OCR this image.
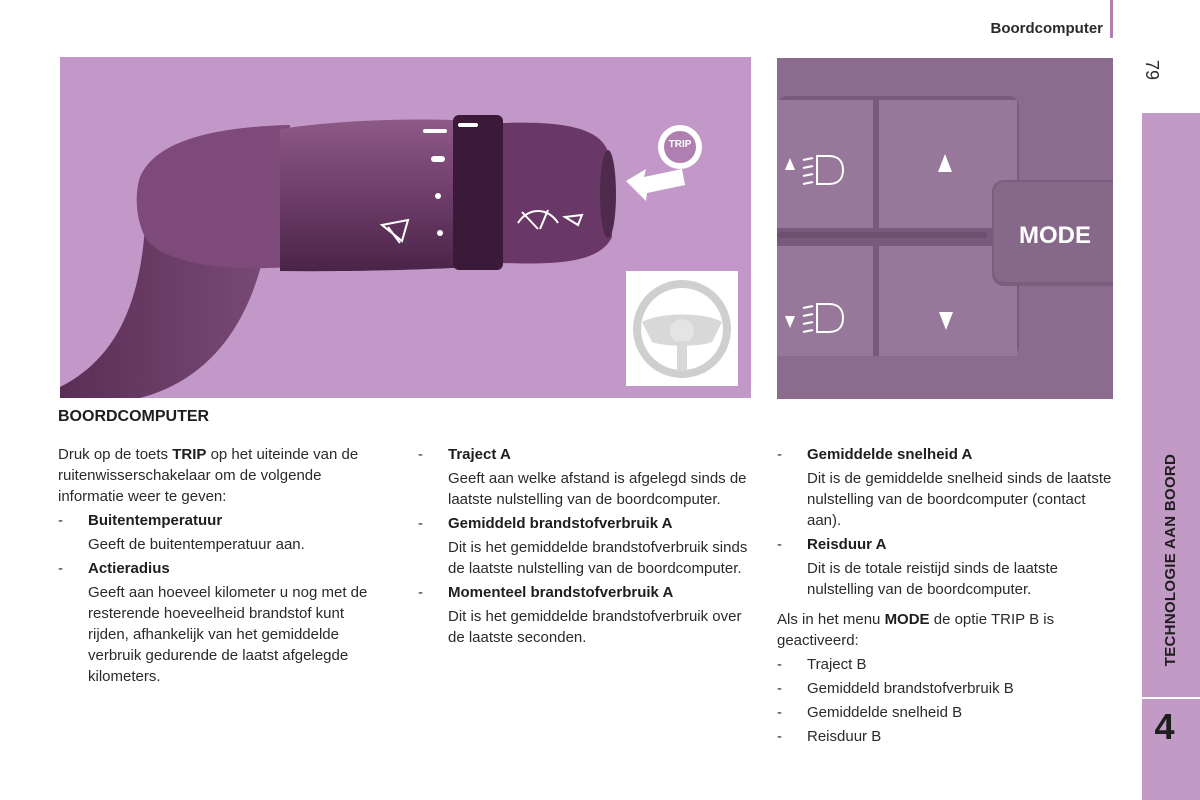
Boordcomputer
79
TECHNOLOGIE AAN BOORD
4
TRIP
MODE
BOORDCOMPUTER

Druk op de toets TRIP op het uiteinde van de ruitenwisserschakelaar om de volgende informatie weer te geven:

- Buitentemperatuur
Geeft de buitentemperatuur aan.
- Actieradius
Geeft aan hoeveel kilometer u nog met de resterende hoeveelheid brandstof kunt rijden, afhankelijk van het gemiddelde verbruik gedurende de laatst afgelegde kilometers.
- Traject A
Geeft aan welke afstand is afgelegd sinds de laatste nulstelling van de boordcomputer.
- Gemiddeld brandstofverbruik A
Dit is het gemiddelde brandstofverbruik sinds de laatste nulstelling van de boordcomputer.
- Momenteel brandstofverbruik A
Dit is het gemiddelde brandstofverbruik over de laatste seconden.
- Gemiddelde snelheid A
Dit is de gemiddelde snelheid sinds de laatste nulstelling van de boordcomputer (contact aan).
- Reisduur A
Dit is de totale reistijd sinds de laatste nulstelling van de boordcomputer.

Als in het menu MODE de optie TRIP B is geactiveerd:

- Traject B
- Gemiddeld brandstofverbruik B
- Gemiddelde snelheid B
- Reisduur B
